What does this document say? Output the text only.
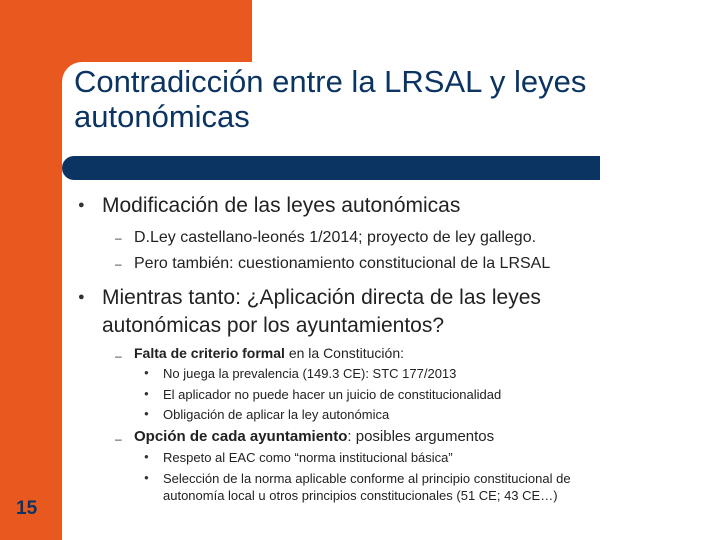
Contradicción entre la LRSAL y leyes autonómicas
● Modificación de las leyes autonómicas
– D.Ley castellano-leonés 1/2014; proyecto de ley gallego.
– Pero también: cuestionamiento constitucional de la LRSAL
● Mientras tanto: ¿Aplicación directa de las leyes
autonómicas por los ayuntamientos?
– Falta de criterio formal en la Constitución:
● No juega la prevalencia (149.3 CE): STC 177/2013
● El aplicador no puede hacer un juicio de constitucionalidad
● Obligación de aplicar la ley autonómica
– Opción de cada ayuntamiento: posibles argumentos
● Respeto al EAC como “norma institucional básica”
● Selección de la norma aplicable conforme al principio constitucional de
autonomía local u otros principios constitucionales (51 CE; 43 CE…)
15
